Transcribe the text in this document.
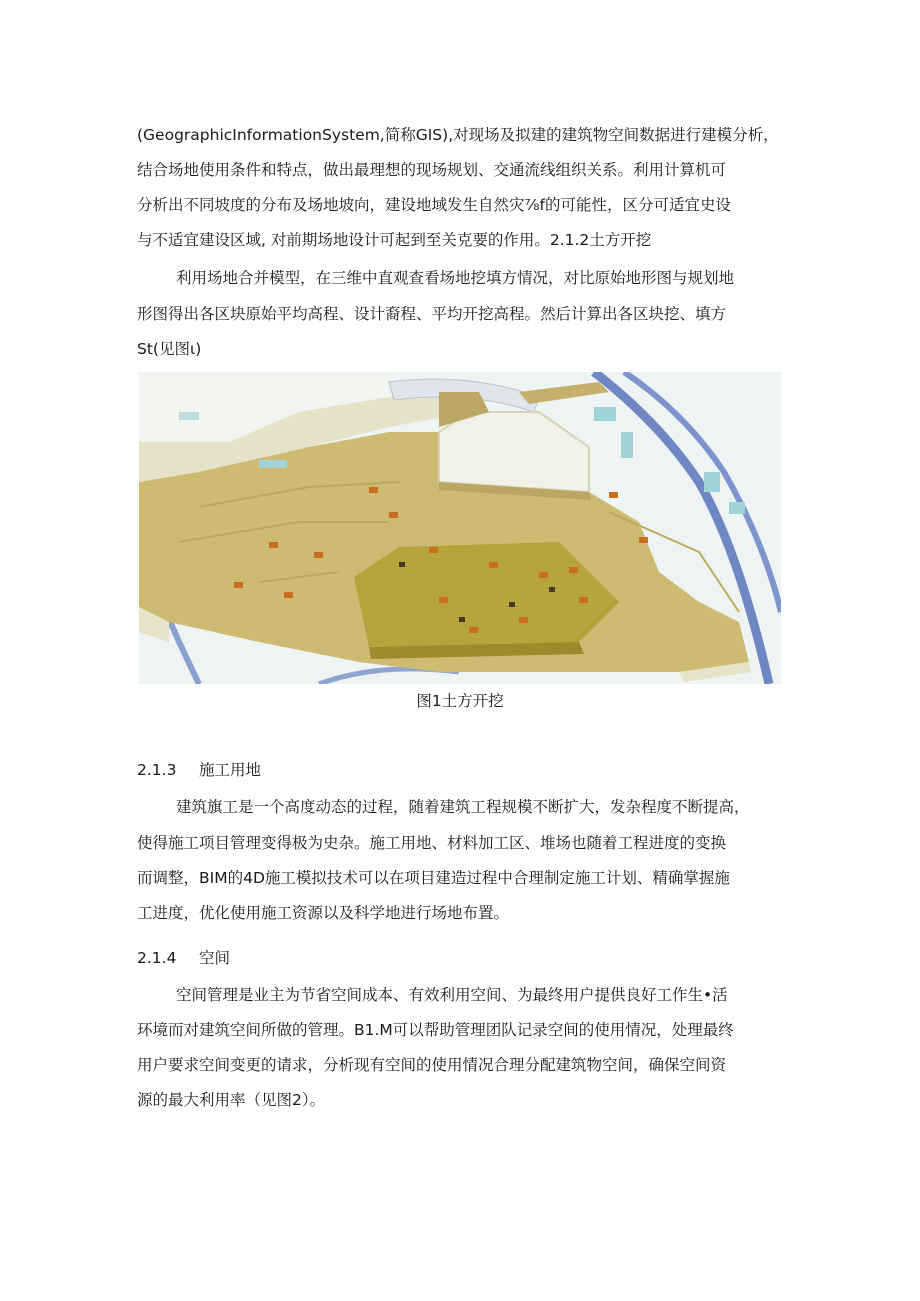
(GeographicInformationSystem,简称GIS),对现场及拟建的建筑物空间数据进行建模分析，
结合场地使用条件和特点，做出最理想的现场规划、交通流线组织关系。利用计算机可
分析出不同坡度的分布及场地坡向，建设地域发生自然灾⅞f的可能性，区分可适宜史设
与不适宜建设区域, 对前期场地设计可起到至关克要的作用。2.1.2土方开挖
利用场地合并模型，在三维中直观查看场地挖填方情况，对比原始地形图与规划地
形图得出各区块原始平均高程、设计裔程、平均开挖高程。然后计算出各区块挖、填方
St(见图ι)
图1土方开挖
2.1.3 施工用地
建筑旗工是一个高度动态的过程，随着建筑工程规模不断扩大，发杂程度不断提高，
使得施工项目管理变得极为史杂。施工用地、材料加工区、堆场也随着工程进度的变换
而调整，BIM的4D施工模拟技术可以在项目建造过程中合理制定施工计划、精确掌握施
工进度，优化使用施工资源以及科学地进行场地布置。
2.1.4 空间
空间管理是业主为节省空间成本、有效利用空间、为最终用户提供良好工作生•活
环境而对建筑空间所做的管理。B1.M可以帮助管理团队记录空间的使用情况，处理最终
用户要求空间变更的请求，分析现有空间的使用情况合理分配建筑物空间，确保空间资
源的最大利用率（见图2）。
